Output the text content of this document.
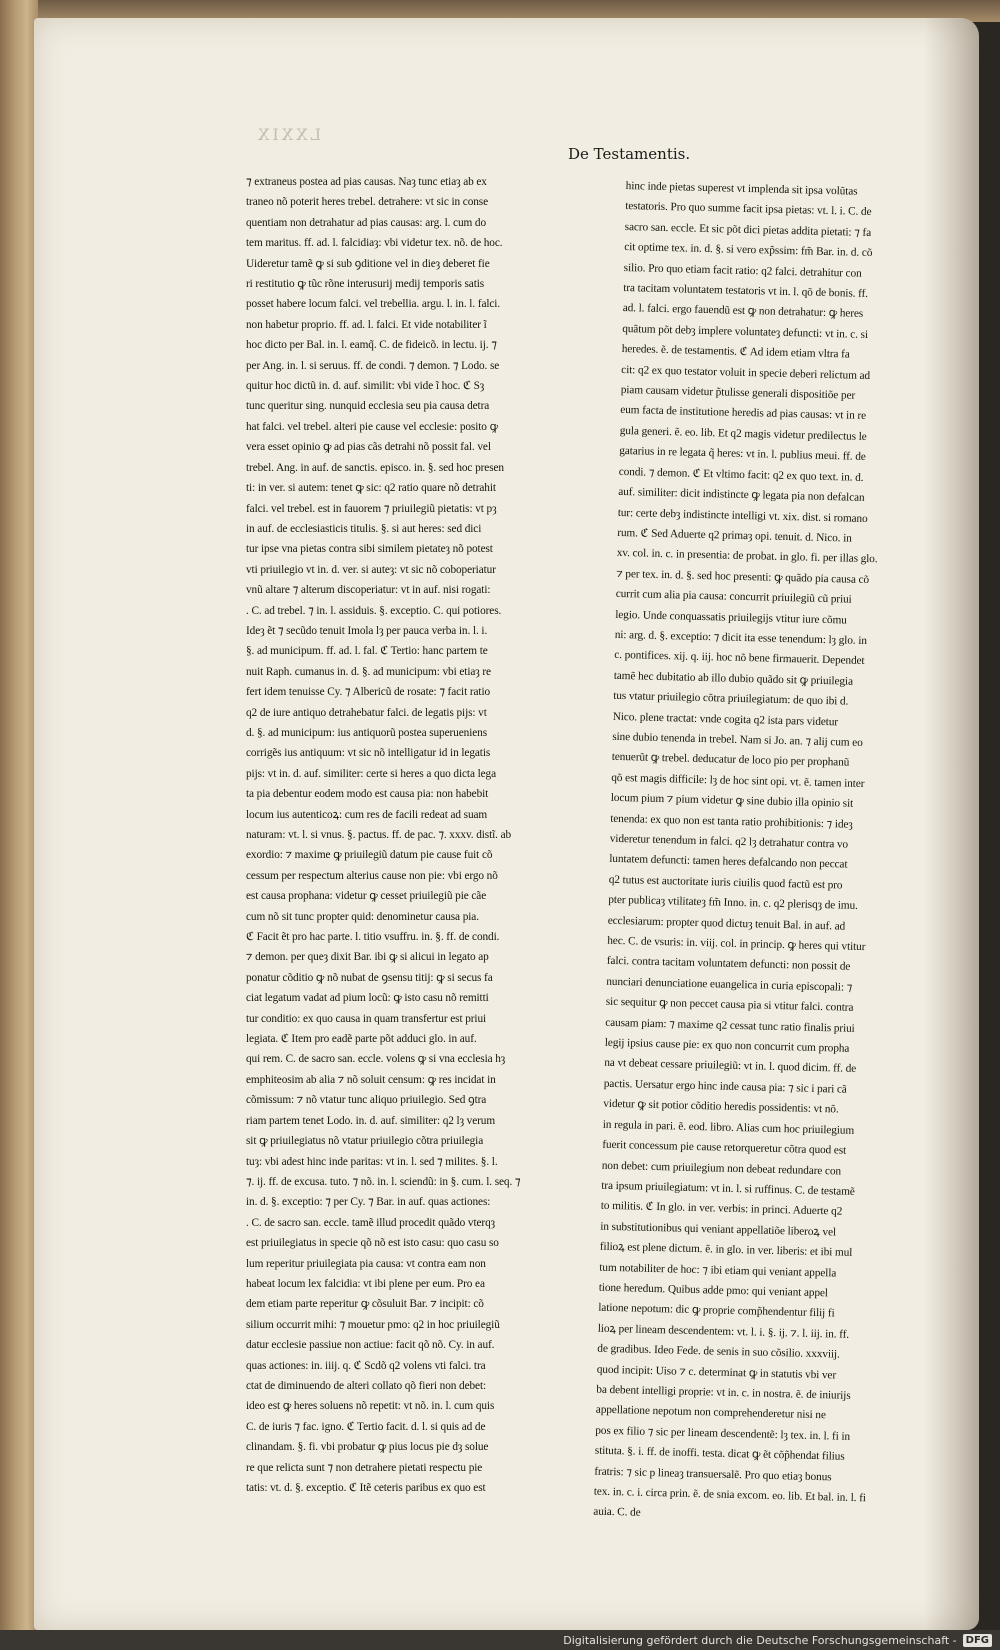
LXXIX
De Testamentis.
⁊ extraneus postea ad pias causas. Naȝ tunc etiaȝ ab ex
traneo nõ poterit heres trebel. detrahere: vt sic in conse
quentiam non detrahatur ad pias causas: arg. l. cum do
tem maritus. ff. ad. l. falcidiaȝ: vbi videtur tex. nõ. de hoc.
Uideretur tamẽ ꝙ si sub ꝯditione vel in dieȝ deberet fie
ri restitutio ꝙ tũc rõne interusurij medij temporis satis
posset habere locum falci. vel trebellia. argu. l. in. l. falci.
non habetur proprio. ff. ad. l. falci. Et vide notabiliter ĩ
hoc dicto per Bal. in. l. eamq̃. C. de fideicõ. in lectu. ij. ⁊
per Ang. in. l. si seruus. ff. de condi. ⁊ demon. ⁊ Lodo. se
quitur hoc dictũ in. d. auf. similit: vbi vide ĩ hoc. ℭ Sȝ
tunc queritur sing. nunquid ecclesia seu pia causa detra
hat falci. vel trebel. alteri pie cause vel ecclesie: posito ꝙ
vera esset opinio ꝙ ad pias cãs detrahi nõ possit fal. vel
trebel. Ang. in auf. de sanctis. episco. in. §. sed hoc presen
ti: in ver. si autem: tenet ꝙ sic: q2 ratio quare nõ detrahit
falci. vel trebel. est in fauorem ⁊ priuilegiũ pietatis: vt pȝ
in auf. de ecclesiasticis titulis. §. si aut heres: sed dici
tur ipse vna pietas contra sibi similem pietateȝ nõ potest
vti priuilegio vt in. d. ver. si auteȝ: vt sic nõ coboperiatur
vnũ altare ⁊ alterum discoperiatur: vt in auf. nisi rogati:
. C. ad trebel. ⁊ in. l. assiduis. §. exceptio. C. qui potiores.
Ideȝ ẽt ⁊ secũdo tenuit Imola lȝ per pauca verba in. l. i.
§. ad municipum. ff. ad. l. fal. ℭ Tertio: hanc partem te
nuit Raph. cumanus in. d. §. ad municipum: vbi etiaȝ re
fert idem tenuisse Cy. ⁊ Albericũ de rosate: ⁊ facit ratio
q2 de iure antiquo detrahebatur falci. de legatis pijs: vt
d. §. ad municipum: ius antiquorũ postea superueniens
corrigẽs ius antiquum: vt sic nõ intelligatur id in legatis
pijs: vt in. d. auf. similiter: certe si heres a quo dicta lega
ta pia debentur eodem modo est causa pia: non habebit
locum ius autenticoꝝ: cum res de facili redeat ad suam
naturam: vt. l. si vnus. §. pactus. ff. de pac. ⁊. xxxv. distĩ. ab
exordio: ⁊ maxime ꝙ priuilegiũ datum pie cause fuit cõ
cessum per respectum alterius cause non pie: vbi ergo nõ
est causa prophana: videtur ꝙ cesset priuilegiũ pie cãe
cum nõ sit tunc propter quid: denominetur causa pia.
ℭ Facit ẽt pro hac parte. l. titio vsuffru. in. §. ff. de condi.
⁊ demon. per queȝ dixit Bar. ibi ꝙ si alicui in legato ap
ponatur cõditio ꝙ nõ nubat de ꝯsensu titij: ꝙ si secus fa
ciat legatum vadat ad pium locũ: ꝙ isto casu nõ remitti
tur conditio: ex quo causa in quam transfertur est priui
legiata. ℭ Item pro eadẽ parte põt adduci glo. in auf.
qui rem. C. de sacro san. eccle. volens ꝙ si vna ecclesia hȝ
emphiteosim ab alia ⁊ nõ soluit censum: ꝙ res incidat in
cõmissum: ⁊ nõ vtatur tunc aliquo priuilegio. Sed ꝯtra
riam partem tenet Lodo. in. d. auf. similiter: q2 lȝ verum
sit ꝙ priuilegiatus nõ vtatur priuilegio cõtra priuilegia
tuȝ: vbi adest hinc inde paritas: vt in. l. sed ⁊ milites. §. l.
⁊. ij. ff. de excusa. tuto. ⁊ nõ. in. l. sciendũ: in §. cum. l. seq. ⁊
in. d. §. exceptio: ⁊ per Cy. ⁊ Bar. in auf. quas actiones:
. C. de sacro san. eccle. tamẽ illud procedit quãdo vterqȝ
est priuilegiatus in specie qõ nõ est isto casu: quo casu so
lum reperitur priuilegiata pia causa: vt contra eam non
habeat locum lex falcidia: vt ibi plene per eum. Pro ea
dem etiam parte reperitur ꝙ cõsuluit Bar. ⁊ incipit: cõ
silium occurrit mihi: ⁊ mouetur pmo: q2 in hoc priuilegiũ
datur ecclesie passiue non actiue: facit qõ nõ. Cy. in auf.
quas actiones: in. iiij. q. ℭ Scdõ q2 volens vti falci. tra
ctat de diminuendo de alteri collato qõ fieri non debet:
ideo est ꝙ heres soluens nõ repetit: vt nõ. in. l. cum quis
C. de iuris ⁊ fac. igno. ℭ Tertio facit. d. l. si quis ad de
clinandam. §. fi. vbi probatur ꝙ pius locus pie dȝ solue
re que relicta sunt ⁊ non detrahere pietati respectu pie
tatis: vt. d. §. exceptio. ℭ Itẽ ceteris paribus ex quo est
hinc inde pietas superest vt implenda sit ipsa volũtas
testatoris. Pro quo summe facit ipsa pietas: vt. l. i. C. de
sacro san. eccle. Et sic põt dici pietas addita pietati: ⁊ fa
cit optime tex. in. d. §. si vero exp̃ssim: fm̃ Bar. in. d. cõ
silio. Pro quo etiam facit ratio: q2 falci. detrahitur con
tra tacitam voluntatem testatoris vt in. l. qõ de bonis. ff.
ad. l. falci. ergo fauendũ est ꝙ non detrahatur: ꝙ heres
quãtum põt debȝ implere voluntateȝ defuncti: vt in. c. si
heredes. ẽ. de testamentis. ℭ Ad idem etiam vltra fa
cit: q2 ex quo testator voluit in specie deberi relictum ad
piam causam videtur p̃tulisse generali dispositiõe per
eum facta de institutione heredis ad pias causas: vt in re
gula generi. ẽ. eo. lib. Et q2 magis videtur predilectus le
gatarius in re legata q̃ heres: vt in. l. publius meui. ff. de
condi. ⁊ demon. ℭ Et vltimo facit: q2 ex quo text. in. d.
auf. similiter: dicit indistincte ꝙ legata pia non defalcan
tur: certe debȝ indistincte intelligi vt. xix. dist. si romano
rum. ℭ Sed Aduerte q2 primaȝ opi. tenuit. d. Nico. in
xv. col. in. c. in presentia: de probat. in glo. fi. per illas glo.
⁊ per tex. in. d. §. sed hoc presenti: ꝙ quãdo pia causa cõ
currit cum alia pia causa: concurrit priuilegiũ cũ priui
legio. Unde conquassatis priuilegijs vtitur iure cõmu
ni: arg. d. §. exceptio: ⁊ dicit ita esse tenendum: lȝ glo. in
c. pontifices. xij. q. iij. hoc nõ bene firmauerit. Dependet
tamẽ hec dubitatio ab illo dubio quãdo sit ꝙ priuilegia
tus vtatur priuilegio cõtra priuilegiatum: de quo ibi d.
Nico. plene tractat: vnde cogita q2 ista pars videtur
sine dubio tenenda in trebel. Nam si Jo. an. ⁊ alij cum eo
tenuerũt ꝙ trebel. deducatur de loco pio per prophanũ
qõ est magis difficile: lȝ de hoc sint opi. vt. ẽ. tamen inter
locum pium ⁊ pium videtur ꝙ sine dubio illa opinio sit
tenenda: ex quo non est tanta ratio prohibitionis: ⁊ ideȝ
videretur tenendum in falci. q2 lȝ detrahatur contra vo
luntatem defuncti: tamen heres defalcando non peccat
q2 tutus est auctoritate iuris ciuilis quod factũ est pro
pter publicaȝ vtilitateȝ fm̃ Inno. in. c. q2 plerisqȝ de imu.
ecclesiarum: propter quod dictuȝ tenuit Bal. in auf. ad
hec. C. de vsuris: in. viij. col. in princip. ꝙ heres qui vtitur
falci. contra tacitam voluntatem defuncti: non possit de
nunciari denunciatione euangelica in curia episcopali: ⁊
sic sequitur ꝙ non peccet causa pia si vtitur falci. contra
causam piam: ⁊ maxime q2 cessat tunc ratio finalis priui
legij ipsius cause pie: ex quo non concurrit cum propha
na vt debeat cessare priuilegiũ: vt in. l. quod dicim. ff. de
pactis. Uersatur ergo hinc inde causa pia: ⁊ sic i pari cã
videtur ꝙ sit potior cõditio heredis possidentis: vt nõ.
in regula in pari. ẽ. eod. libro. Alias cum hoc priuilegium
fuerit concessum pie cause retorqueretur cõtra quod est
non debet: cum priuilegium non debeat redundare con
tra ipsum priuilegiatum: vt in. l. si ruffinus. C. de testamẽ
to militis. ℭ In glo. in ver. verbis: in princi. Aduerte q2
in substitutionibus qui veniant appellatiõe liberoꝝ vel
filioꝝ est plene dictum. ẽ. in glo. in ver. liberis: et ibi mul
tum notabiliter de hoc: ⁊ ibi etiam qui veniant appella
tione heredum. Quibus adde pmo: qui veniant appel
latione nepotum: dic ꝙ proprie comp̃hendentur filij fi
lioꝝ per lineam descendentem: vt. l. i. §. ij. ⁊. l. iij. in. ff.
de gradibus. Ideo Fede. de senis in suo cõsilio. xxxviij.
quod incipit: Uiso ⁊ c. determinat ꝙ in statutis vbi ver
ba debent intelligi proprie: vt in. c. in nostra. ẽ. de iniurijs
appellatione nepotum non comprehenderetur nisi ne
pos ex filio ⁊ sic per lineam descendentẽ: lȝ tex. in. l. fi in
stituta. §. i. ff. de inoffi. testa. dicat ꝙ ẽt cõp̃hendat filius
fratris: ⁊ sic p lineaȝ transuersalẽ. Pro quo etiaȝ bonus
tex. in. c. i. circa prin. ẽ. de snia excom. eo. lib. Et bal. in. l. fi
auia. C. de
Digitalisierung gefördert durch die Deutsche Forschungsgemeinschaft - DFG
